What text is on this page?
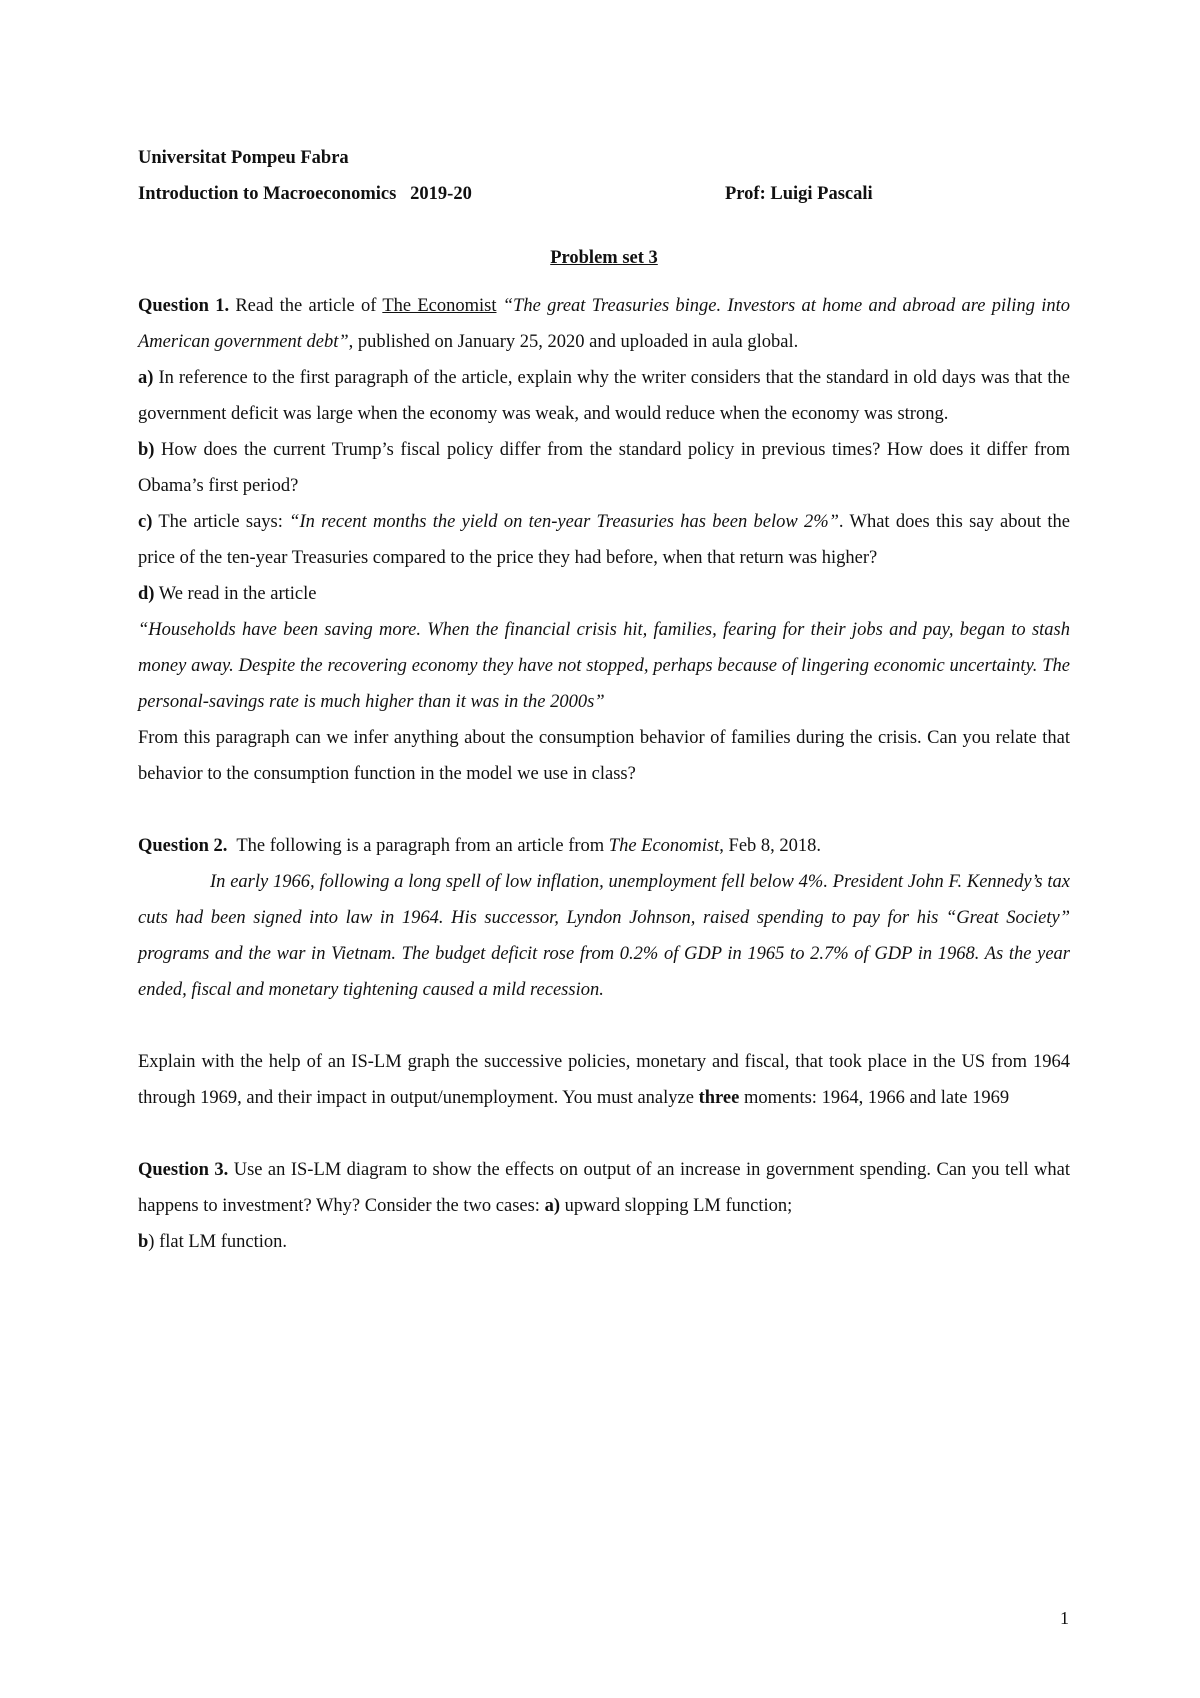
Universitat Pompeu Fabra

Introduction to Macroeconomics   2019-20	Prof: Luigi Pascali

Problem set 3

Question 1. Read the article of The Economist “The great Treasuries binge. Investors at home and abroad are piling into American government debt”, published on January 25, 2020 and uploaded in aula global.

a) In reference to the first paragraph of the article, explain why the writer considers that the standard in old days was that the government deficit was large when the economy was weak, and would reduce when the economy was strong.

b) How does the current Trump’s fiscal policy differ from the standard policy in previous times? How does it differ from Obama’s first period?

c) The article says: “In recent months the yield on ten-year Treasuries has been below 2%”. What does this say about the price of the ten-year Treasuries compared to the price they had before, when that return was higher?

d) We read in the article

“Households have been saving more. When the financial crisis hit, families, fearing for their jobs and pay, began to stash money away. Despite the recovering economy they have not stopped, perhaps because of lingering economic uncertainty. The personal-savings rate is much higher than it was in the 2000s”

From this paragraph can we infer anything about the consumption behavior of families during the crisis. Can you relate that behavior to the consumption function in the model we use in class?

Question 2.  The following is a paragraph from an article from The Economist, Feb 8, 2018.

In early 1966, following a long spell of low inflation, unemployment fell below 4%. President John F. Kennedy’s tax cuts had been signed into law in 1964. His successor, Lyndon Johnson, raised spending to pay for his “Great Society” programs and the war in Vietnam. The budget deficit rose from 0.2% of GDP in 1965 to 2.7% of GDP in 1968. As the year ended, fiscal and monetary tightening caused a mild recession.

Explain with the help of an IS-LM graph the successive policies, monetary and fiscal, that took place in the US from 1964 through 1969, and their impact in output/unemployment. You must analyze three moments: 1964, 1966 and late 1969

Question 3. Use an IS-LM diagram to show the effects on output of an increase in government spending. Can you tell what happens to investment? Why? Consider the two cases: a) upward slopping LM function;

b) flat LM function.

1
